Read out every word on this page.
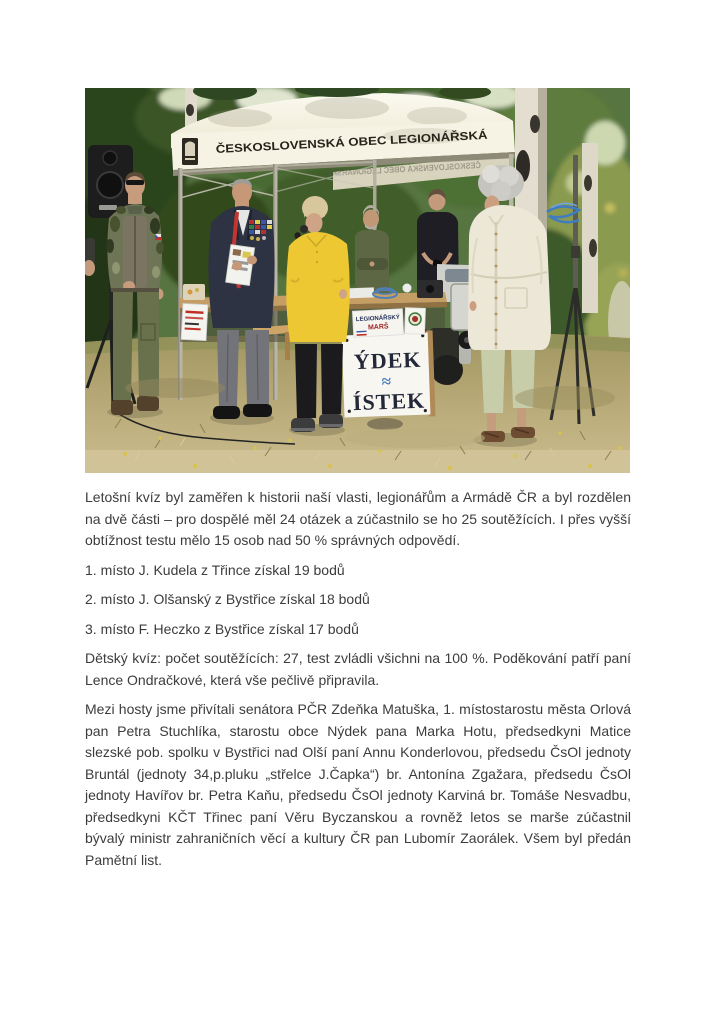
ČESKOSLOVENSKÁ OBEC LEGIONÁŘSKÁ
ČESKOSLOVENSKÁ OBEC LEGIONÁŘSKÁ
ÝDEK
≈
ÍSTEK
LEGIONÁŘSKÝ
MARŠ

Letošní kvíz byl zaměřen k historii naší vlasti, legionářům a Armádě ČR a byl rozdělen na dvě části – pro dospělé měl 24 otázek a zúčastnilo se ho 25 soutěžících. I přes vyšší obtížnost testu mělo 15 osob nad 50 % správných odpovědí.

1. místo J. Kudela z Třince získal 19 bodů

2. místo J. Olšanský z Bystřice získal 18 bodů

3. místo F. Heczko z Bystřice získal 17 bodů

Dětský kvíz: počet soutěžících: 27, test zvládli všichni na 100 %. Poděkování patří paní Lence Ondračkové, která vše pečlivě připravila.

Mezi hosty jsme přivítali senátora PČR Zdeňka Matuška, 1. místostarostu města Orlová pan Petra Stuchlíka, starostu obce Nýdek pana Marka Hotu, předsedkyni Matice slezské pob. spolku v Bystřici nad Olší paní Annu Konderlovou, předsedu ČsOl jednoty Bruntál (jednoty 34,p.pluku „střelce J.Čapka“) br. Antonína Zgažara, předsedu ČsOl jednoty Havířov br. Petra Kaňu, předsedu ČsOl jednoty Karviná br. Tomáše Nesvadbu, předsedkyni KČT Třinec paní Věru Byczanskou a rovněž letos se marše zúčastnil bývalý ministr zahraničních věcí a kultury ČR pan Lubomír Zaorálek. Všem byl předán Pamětní list.
